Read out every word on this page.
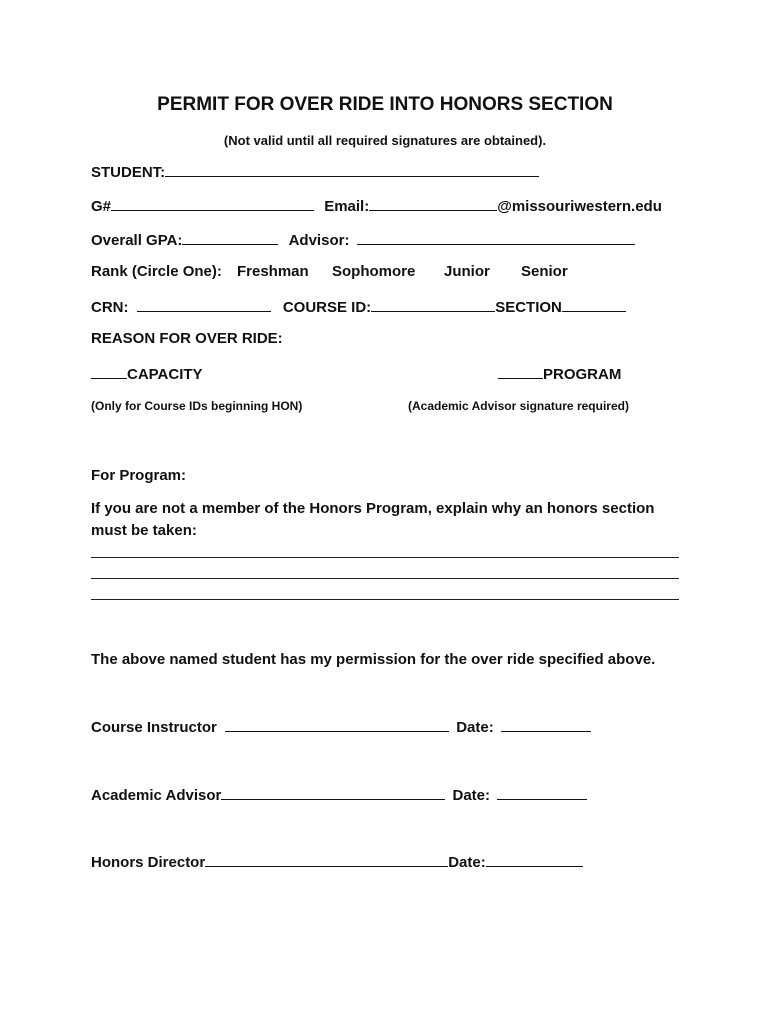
PERMIT FOR OVER RIDE INTO HONORS SECTION
(Not valid until all required signatures are obtained).
STUDENT:
G#	Email:	@missouriwestern.edu
Overall GPA:	Advisor:
Rank (Circle One): Freshman Sophomore Junior Senior
CRN:	COURSE ID:	SECTION
REASON FOR OVER RIDE:
CAPACITY	PROGRAM
(Only for Course IDs beginning HON)	(Academic Advisor signature required)
For Program:
If you are not a member of the Honors Program, explain why an honors section
must be taken:
The above named student has my permission for the over ride specified above.
Course Instructor	Date:
Academic Advisor	Date:
Honors Director	Date:
